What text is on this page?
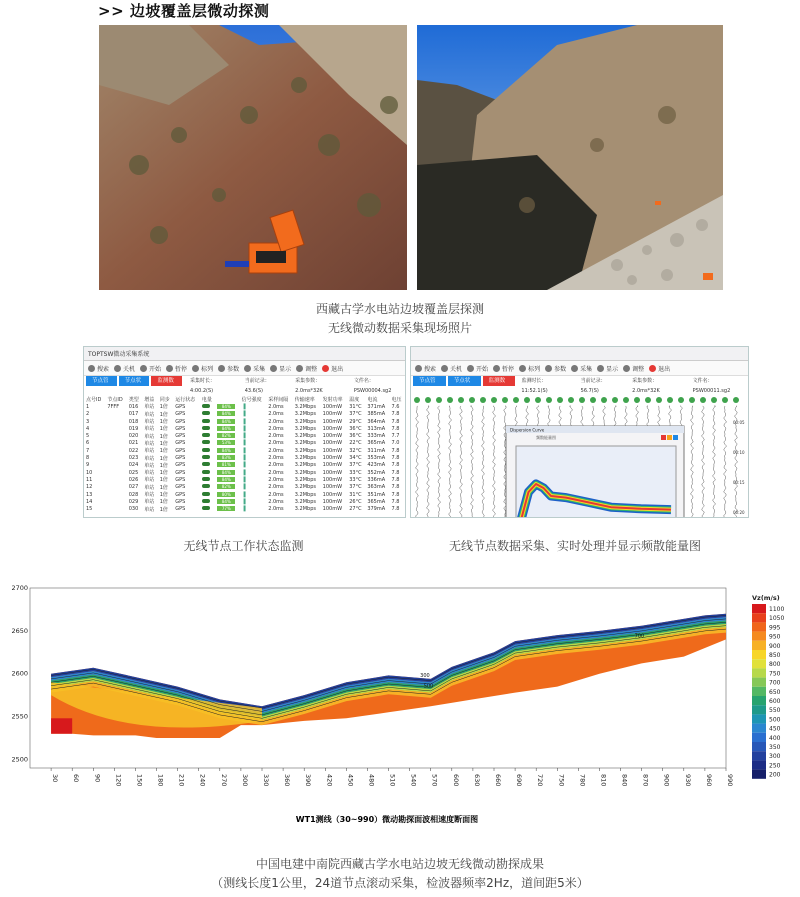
>> 边坡覆盖层微动探测
西藏古学水电站边坡覆盖层探测
无线微动数据采集现场照片
TOPTSW微动采集系统
搜索 关机 开始 暂停 标列 参数 采集 显示 调整 退出
节点管理
节点状态
监测数据
采集时长：4:00.2(S)
当前记录：43.6(S)
采集参数：2.0ms*32K
文件名：PSW00004.sg2
点号ID	节点ID	类型	增益	同步	运行状态	电量		信号强度	采样间隔	传输速率	发射功率	温度	电流	电压
1	7FFF	016	单站	1倍	GPS		84%	▐	2.0ms	3.2Mbps	100mW	31°C	371mA	7.6
2		017	单站	1倍	GPS		84%	▐	2.0ms	3.2Mbps	100mW	37°C	385mA	7.8
3		018	单站	1倍	GPS		84%	▐	2.0ms	3.2Mbps	100mW	29°C	364mA	7.8
4		019	单站	1倍	GPS		84%	▐	2.0ms	3.2Mbps	100mW	36°C	313mA	7.8
5		020	单站	1倍	GPS		82%	▐	2.0ms	3.2Mbps	100mW	36°C	333mA	7.7
6		021	单站	1倍	GPS		53%	▐	2.0ms	3.2Mbps	100mW	22°C	365mA	7.0
7		022	单站	1倍	GPS		84%	▐	2.0ms	3.2Mbps	100mW	32°C	311mA	7.8
8		023	单站	1倍	GPS		83%	▐	2.0ms	3.2Mbps	100mW	34°C	353mA	7.8
9		024	单站	1倍	GPS		81%	▐	2.0ms	3.2Mbps	100mW	37°C	423mA	7.8
10		025	单站	1倍	GPS		84%	▐	2.0ms	3.2Mbps	100mW	33°C	352mA	7.8
11		026	单站	1倍	GPS		84%	▐	2.0ms	3.2Mbps	100mW	33°C	336mA	7.8
12		027	单站	1倍	GPS		82%	▐	2.0ms	3.2Mbps	100mW	37°C	363mA	7.8
13		028	单站	1倍	GPS		80%	▐	2.0ms	3.2Mbps	100mW	31°C	351mA	7.8
14		029	单站	1倍	GPS		84%	▐	2.0ms	3.2Mbps	100mW	26°C	365mA	7.8
15		030	单站	1倍	GPS		77%	▐	2.0ms	3.2Mbps	100mW	27°C	379mA	7.8
搜索 关机 开始 暂停 标列 参数 采集 显示 调整 退出
节点管理
节点状态
监测数据
监测时长：11:52.1(S)
当前记录：56.7(S)
采集参数：2.0ms*32K
文件名：PSW00011.sg2
00:05
00:10
00:15
00:20
Dispersion Curve
频散能量图
无线节点工作状态监测	无线节点数据采集、实时处理并显示频散能量图
300
500
700
2700
2650
2600
2550
2500
30 60 90 120 150 180 210 240 270 300 330 360 390 420 450 480 510 540 570 600 630 660 690 720 750 780 810 840 870 900 930 960 990
1100
1050
995
950
900
850
800
750
700
650
600
550
500
450
400
350
300
250
200
Vz(m/s)
WT1测线（30~990）微动勘探面波相速度断面图
中国电建中南院西藏古学水电站边坡无线微动勘探成果
（测线长度1公里，24道节点滚动采集，检波器频率2Hz，道间距5米）
